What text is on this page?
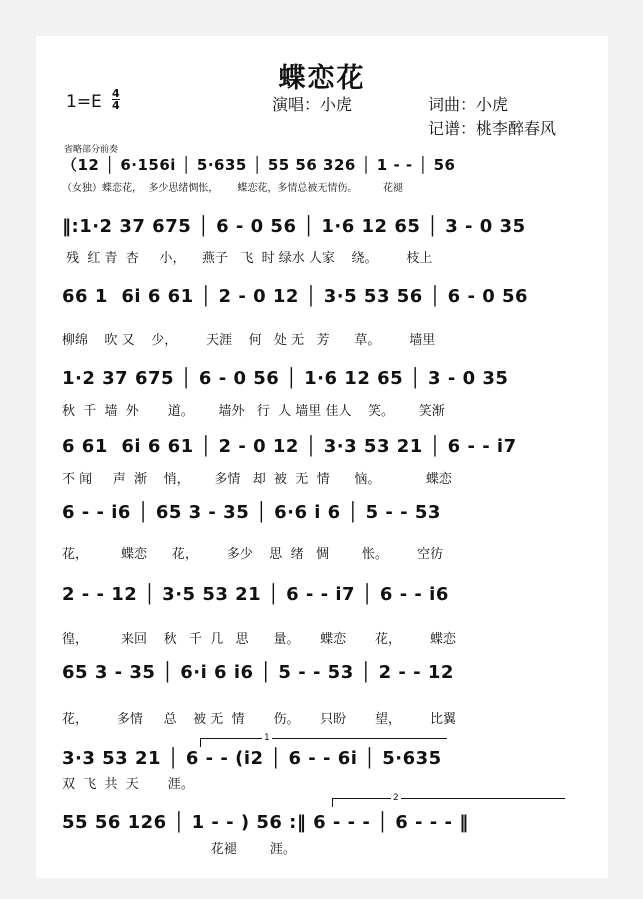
蝶恋花
1=E 4
4	演唱：小虎	词曲：小虎
记谱：桃李醉春风
省略部分前奏
（12 │ 6·156i │ 5·635 │ 55 56 326 │ 1 - - │ 56
（女独）蝶恋花，  多少思绪惆怅，      蝶恋花，多情总被无情伤。        花褪
‖:1·2 37 675 │ 6 - 0 56 │ 1·6 12 65 │ 3 - 0 35
残  红 青  杏     小，    燕子   飞  时 绿水 人家    绕。       枝上
66 1  6i 6 61 │ 2 - 0 12 │ 3·5 53 56 │ 6 - 0 56
柳绵    吹 又    少，       天涯    何   处 无   芳      草。       墙里
1·2 37 675 │ 6 - 0 56 │ 1·6 12 65 │ 3 - 0 35
秋  千  墙  外       道。      墙外   行  人 墙里 佳人    笑。      笑渐
6 61  6i 6 61 │ 2 - 0 12 │ 3·3 53 21 │ 6 - - i7
不 闻     声  渐    悄，      多情   却  被  无  情      恼。           蝶恋
6 - - i6 │ 65 3 - 35 │ 6·6 i 6 │ 5 - - 53
花，        蝶恋      花，       多少    思  绪   惆        怅。       空彷
2 - - 12 │ 3·5 53 21 │ 6 - - i7 │ 6 - - i6
徨，        来回    秋   千  几   思      量。     蝶恋       花，       蝶恋
65 3 - 35 │ 6·i 6 i6 │ 5 - - 53 │ 2 - - 12
花，       多情     总    被 无  情       伤。     只盼       望，       比翼
1
3·3 53 21 │ 6 - - (i2 │ 6 - - 6i │ 5·635
双  飞  共  天       涯。
2
55 56 126 │ 1 - - ) 56 :‖ 6 - - - │ 6 - - - ‖
花褪        涯。
